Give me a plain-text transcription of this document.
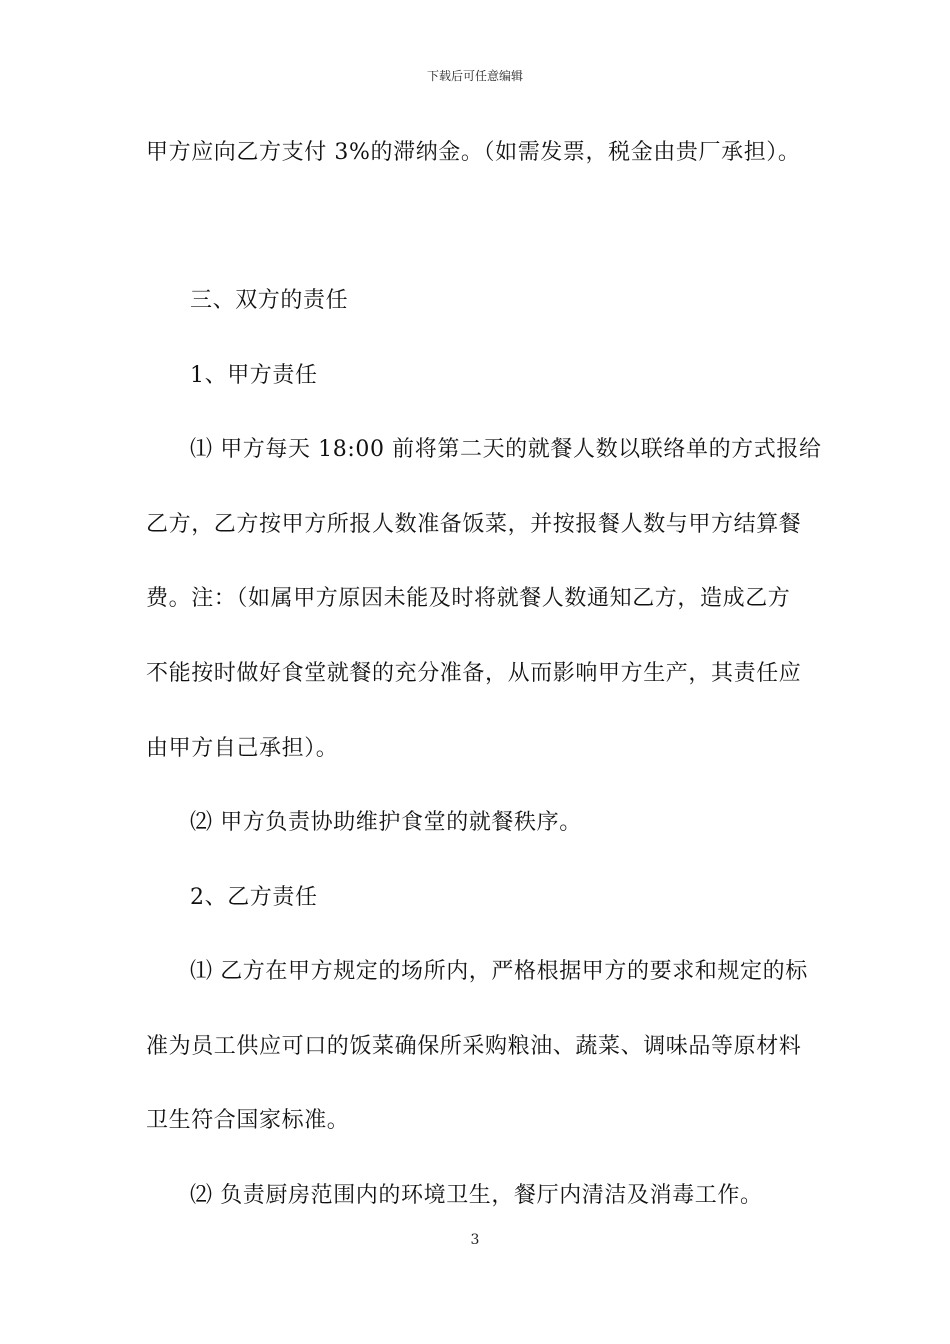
下载后可任意编辑
甲方应向乙方支付 3%的滞纳金。（如需发票，税金由贵厂承担）。
三、双方的责任
1、甲方责任
⑴ 甲方每天 18:00 前将第二天的就餐人数以联络单的方式报给
乙方，乙方按甲方所报人数准备饭菜，并按报餐人数与甲方结算餐
费。注：（如属甲方原因未能及时将就餐人数通知乙方，造成乙方
不能按时做好食堂就餐的充分准备，从而影响甲方生产，其责任应
由甲方自己承担）。
⑵ 甲方负责协助维护食堂的就餐秩序。
2、乙方责任
⑴ 乙方在甲方规定的场所内，严格根据甲方的要求和规定的标
准为员工供应可口的饭菜确保所采购粮油、蔬菜、调味品等原材料
卫生符合国家标准。
⑵ 负责厨房范围内的环境卫生，餐厅内清洁及消毒工作。
3
